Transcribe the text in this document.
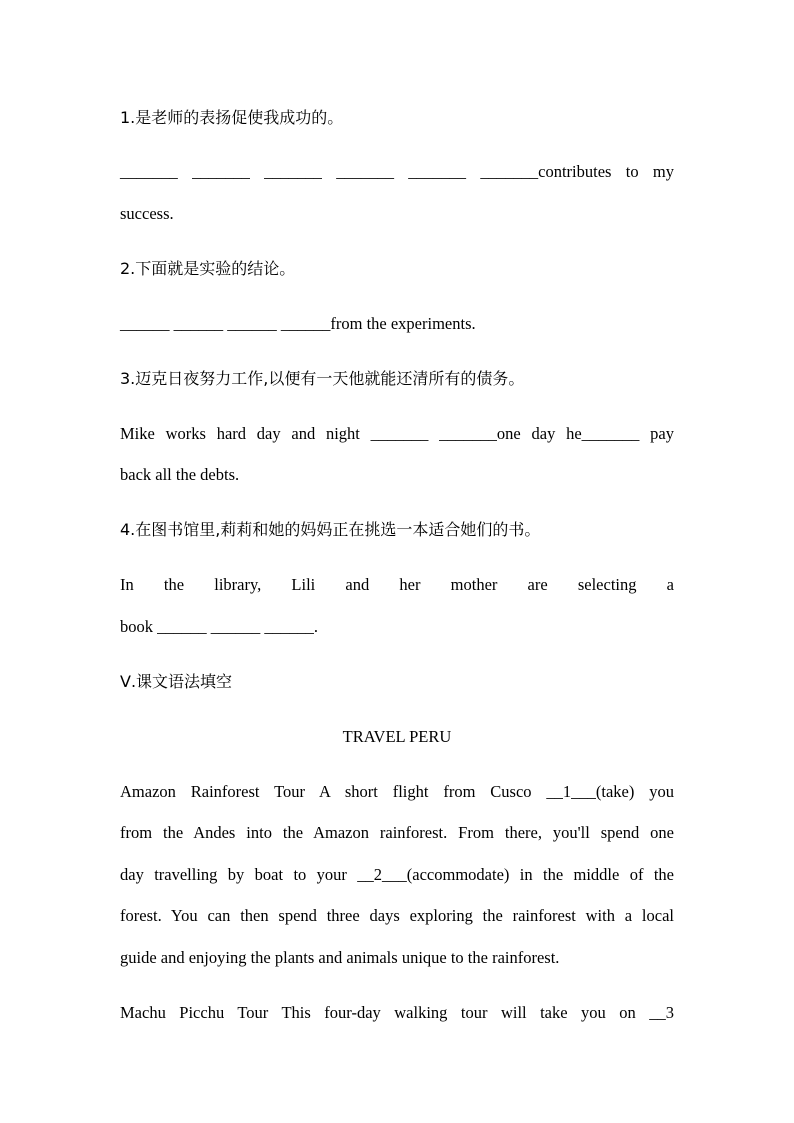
1.是老师的表扬促使我成功的。
_______ _______ _______ _______ _______ _______contributes to my
success.
2.下面就是实验的结论。
______ ______ ______ ______from the experiments.
3.迈克日夜努力工作,以便有一天他就能还清所有的债务。
Mike works hard day and night _______ _______one day he_______ pay
back all the debts.
4.在图书馆里,莉莉和她的妈妈正在挑选一本适合她们的书。
In the library, Lili and her mother are selecting a
book ______ ______ ______.
Ⅴ.课文语法填空
TRAVEL PERU
Amazon Rainforest Tour A short flight from Cusco __1___(take) you
from the Andes into the Amazon rainforest. From there, you'll spend one
day travelling by boat to your __2___(accommodate) in the middle of the
forest. You can then spend three days exploring the rainforest with a local
guide and enjoying the plants and animals unique to the rainforest.
Machu Picchu Tour This four-day walking tour will take you on __3
